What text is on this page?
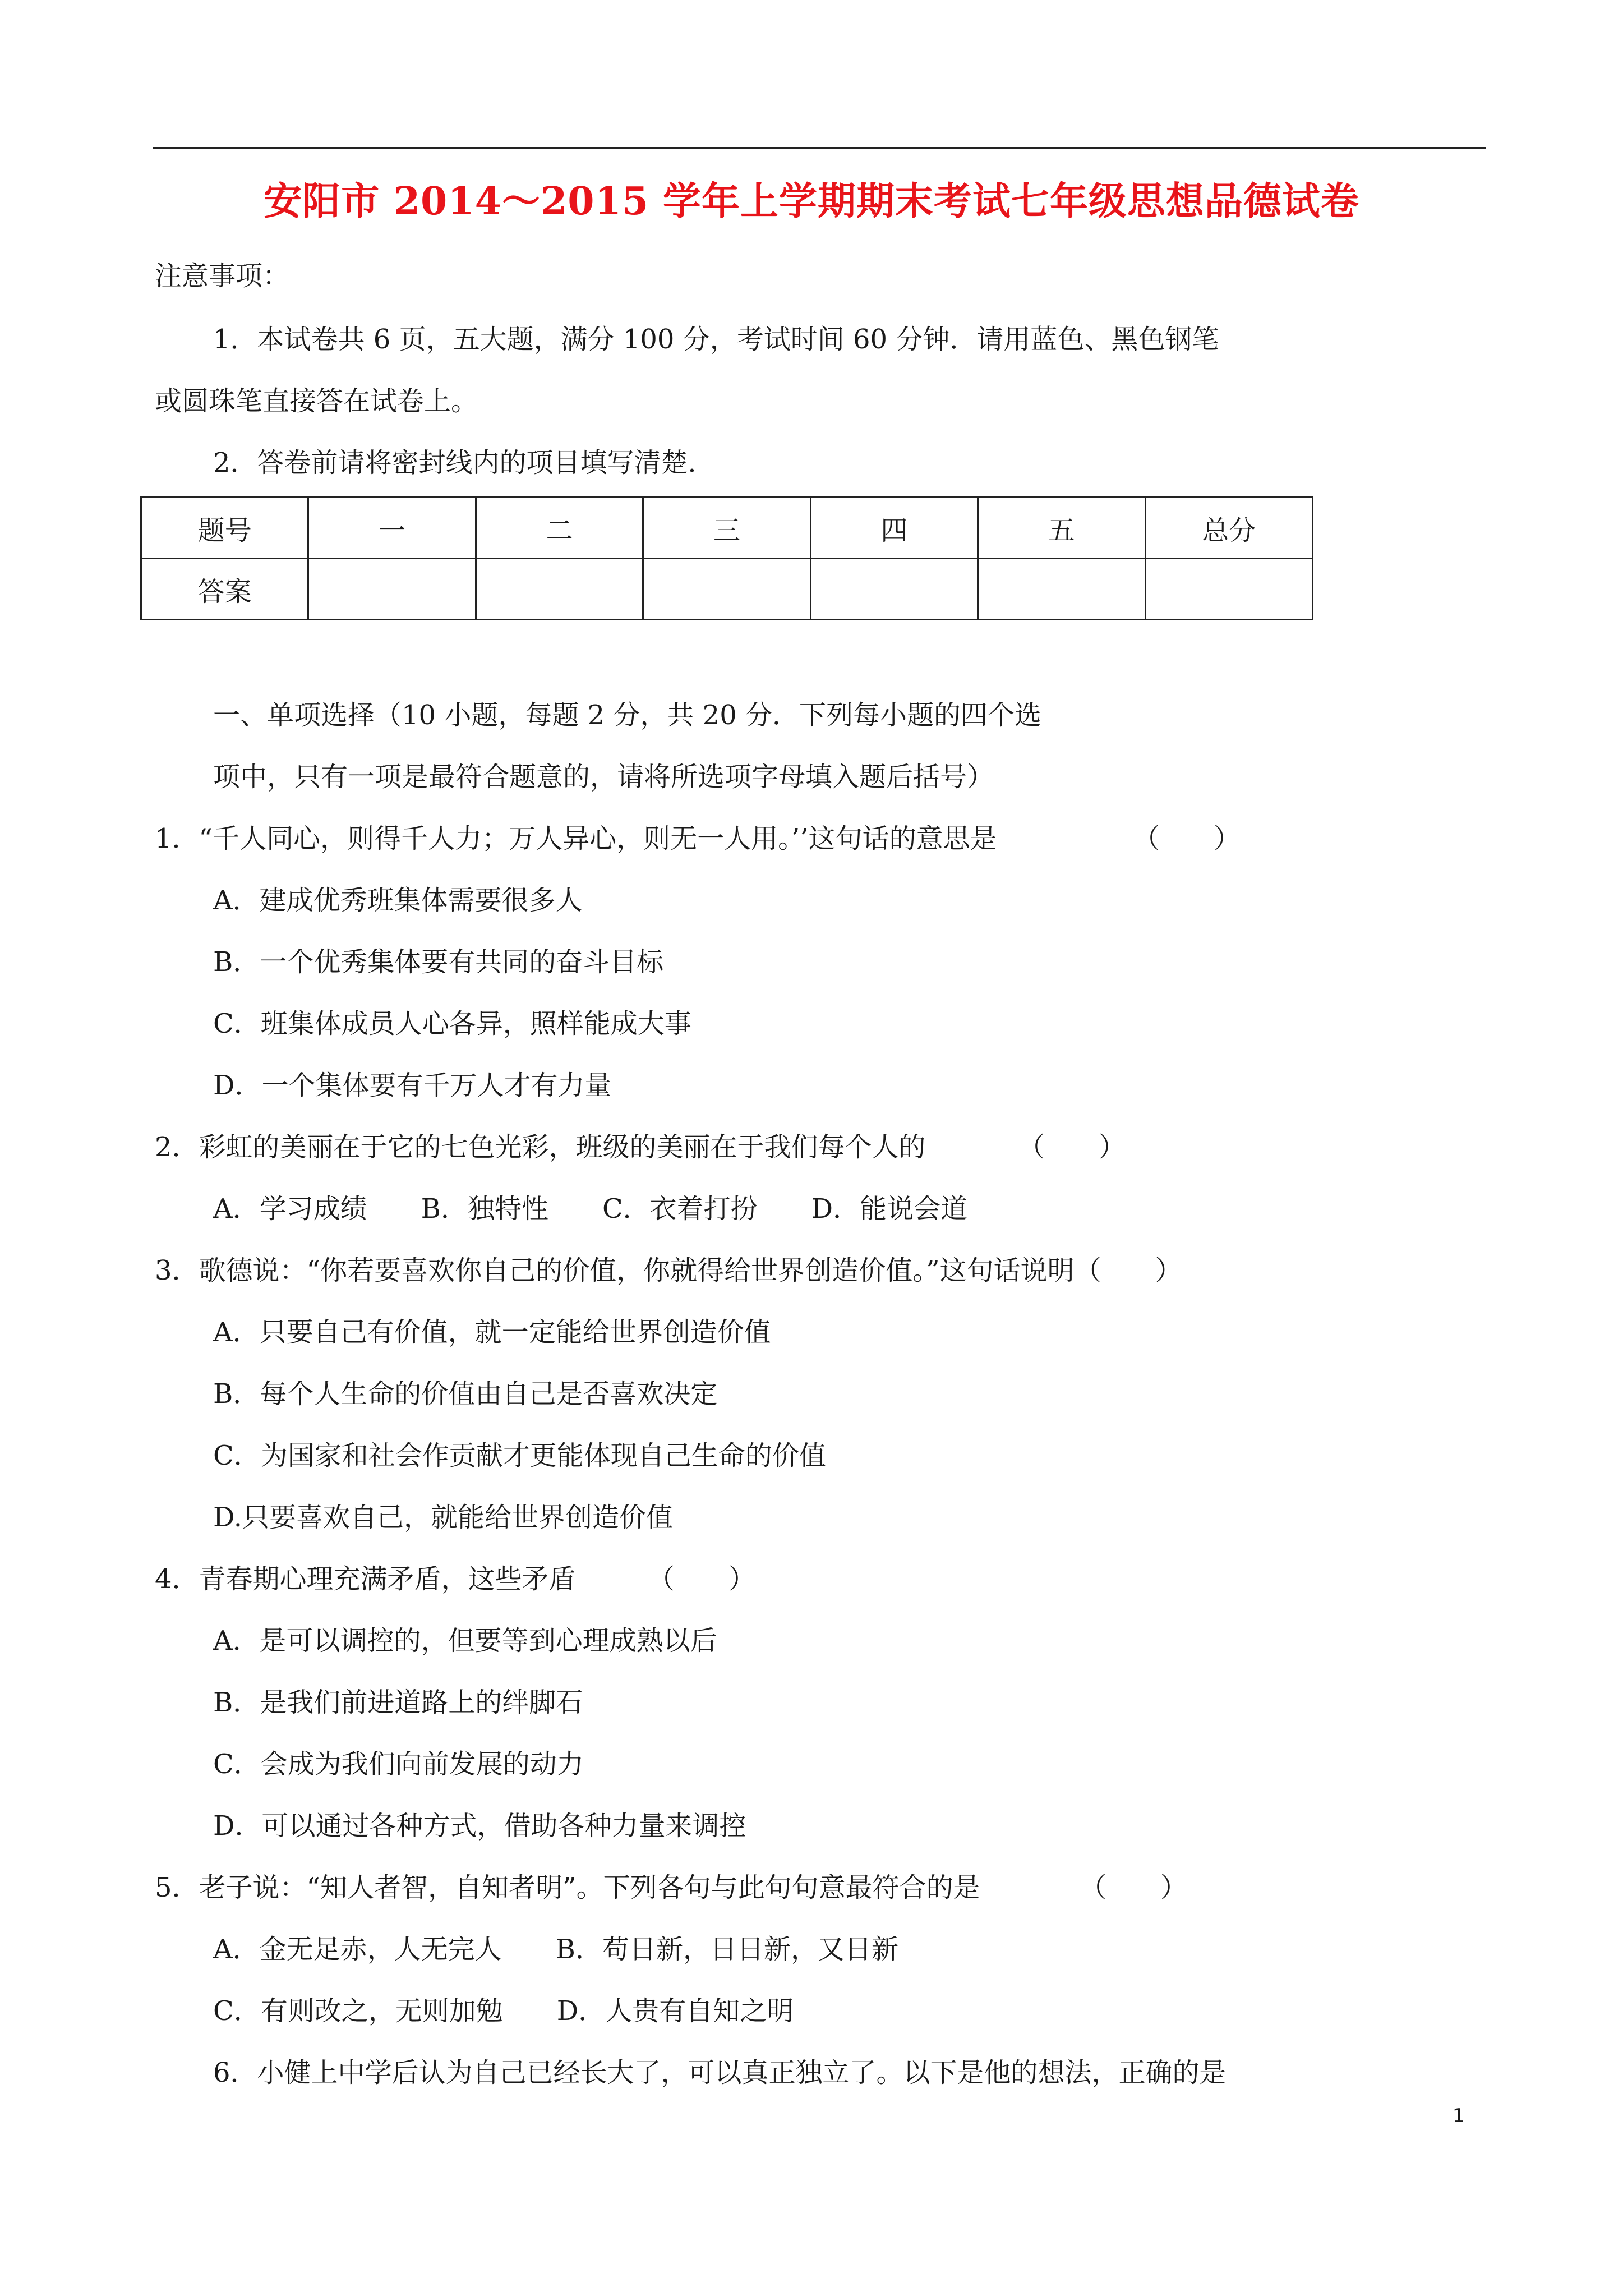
安阳市 2014～2015 学年上学期期末考试七年级思想品德试卷
注意事项：
1．本试卷共 6 页，五大题，满分 100 分，考试时间 60 分钟．请用蓝色、黑色钢笔
或圆珠笔直接答在试卷上。
2．答卷前请将密封线内的项目填写清楚．
题号	一	二	三	四	五	总分
答案						
一、单项选择（10 小题，每题 2 分，共 20 分．下列每小题的四个选
项中，只有一项是最符合题意的，请将所选项字母填入题后括号）
1．“千人同心，则得千人力；万人异心，则无一人用。’’这句话的意思是	（　　）
A．建成优秀班集体需要很多人
B．一个优秀集体要有共同的奋斗目标
C．班集体成员人心各异，照样能成大事
D．一个集体要有千万人才有力量
2．彩虹的美丽在于它的七色光彩，班级的美丽在于我们每个人的	（　　）
A．学习成绩　　B．独特性　　C．衣着打扮　　D．能说会道
3．歌德说：“你若要喜欢你自己的价值，你就得给世界创造价值。”这句话说明（　　）
A．只要自己有价值，就一定能给世界创造价值
B．每个人生命的价值由自己是否喜欢决定
C．为国家和社会作贡献才更能体现自己生命的价值
D.只要喜欢自己，就能给世界创造价值
4．青春期心理充满矛盾，这些矛盾	（　　）
A．是可以调控的，但要等到心理成熟以后
B．是我们前进道路上的绊脚石
C．会成为我们向前发展的动力
D．可以通过各种方式，借助各种力量来调控
5．老子说：“知人者智，自知者明”。下列各句与此句句意最符合的是	（　　）
A．金无足赤，人无完人　　B．苟日新，日日新，又日新
C．有则改之，无则加勉　　D．人贵有自知之明
6．小健上中学后认为自己已经长大了，可以真正独立了。以下是他的想法，正确的是
1
